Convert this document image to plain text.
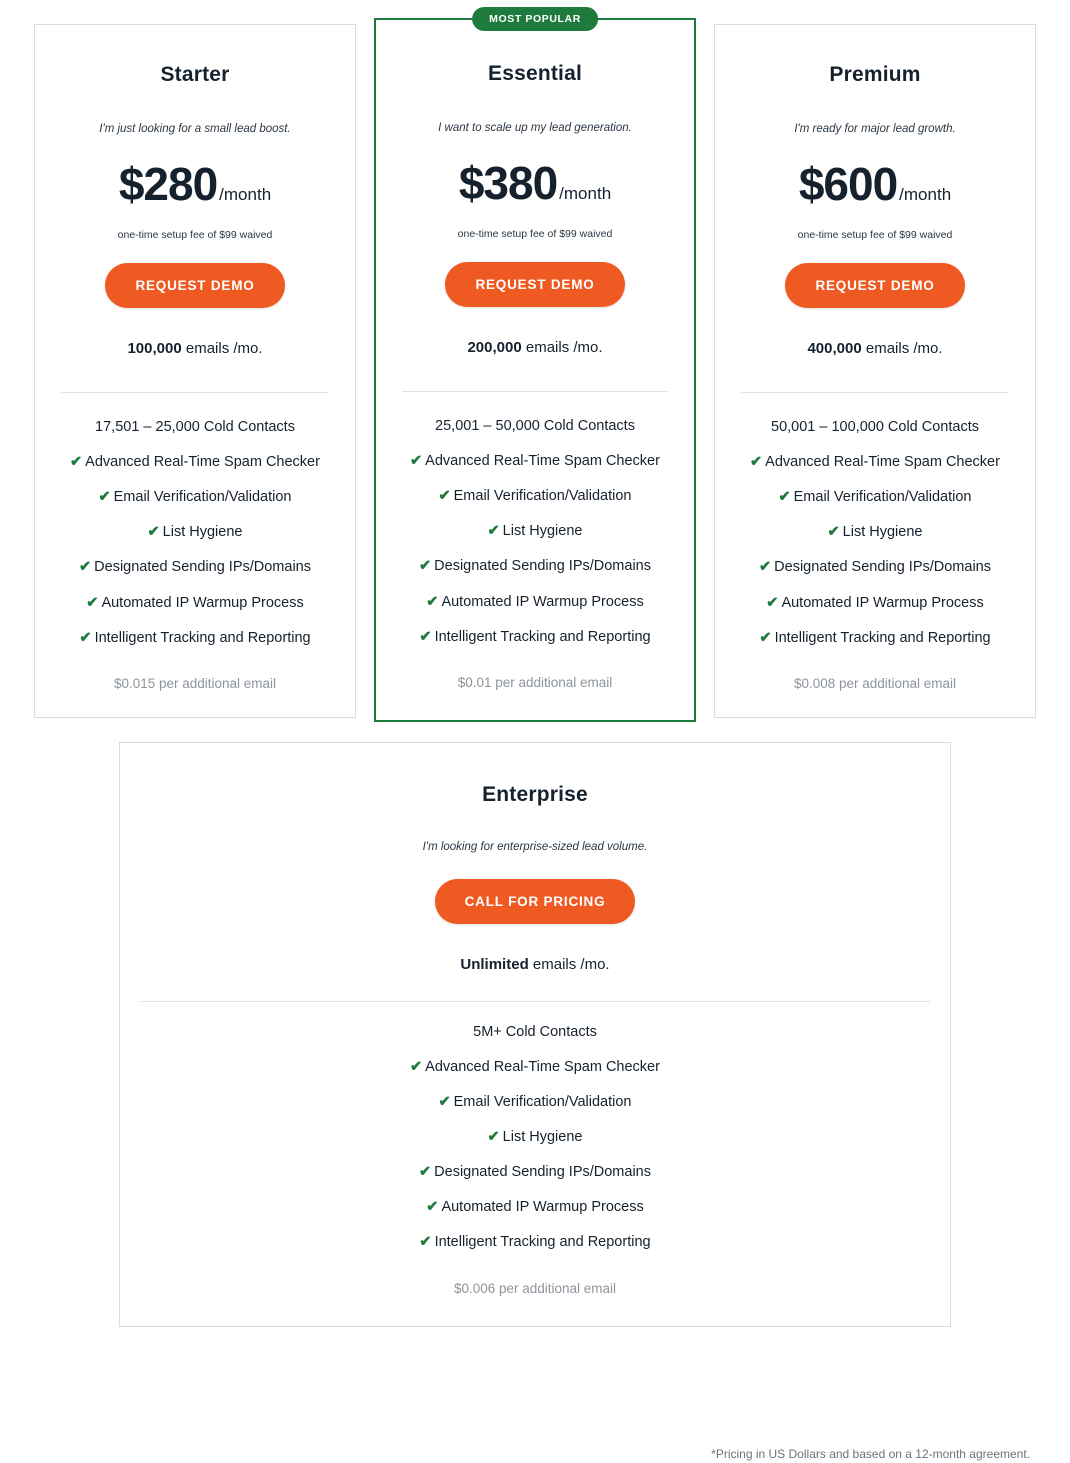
Starter
I'm just looking for a small lead boost.
$280 /month
one-time setup fee of $99 waived
REQUEST DEMO
100,000 emails /mo.
17,501 – 25,000 Cold Contacts
✔ Advanced Real-Time Spam Checker
✔ Email Verification/Validation
✔ List Hygiene
✔ Designated Sending IPs/Domains
✔ Automated IP Warmup Process
✔ Intelligent Tracking and Reporting
$0.015 per additional email
MOST POPULAR
Essential
I want to scale up my lead generation.
$380 /month
one-time setup fee of $99 waived
REQUEST DEMO
200,000 emails /mo.
25,001 – 50,000 Cold Contacts
✔ Advanced Real-Time Spam Checker
✔ Email Verification/Validation
✔ List Hygiene
✔ Designated Sending IPs/Domains
✔ Automated IP Warmup Process
✔ Intelligent Tracking and Reporting
$0.01 per additional email
Premium
I'm ready for major lead growth.
$600 /month
one-time setup fee of $99 waived
REQUEST DEMO
400,000 emails /mo.
50,001 – 100,000 Cold Contacts
✔ Advanced Real-Time Spam Checker
✔ Email Verification/Validation
✔ List Hygiene
✔ Designated Sending IPs/Domains
✔ Automated IP Warmup Process
✔ Intelligent Tracking and Reporting
$0.008 per additional email
Enterprise
I'm looking for enterprise-sized lead volume.
CALL FOR PRICING
Unlimited emails /mo.
5M+ Cold Contacts
✔ Advanced Real-Time Spam Checker
✔ Email Verification/Validation
✔ List Hygiene
✔ Designated Sending IPs/Domains
✔ Automated IP Warmup Process
✔ Intelligent Tracking and Reporting
$0.006 per additional email
*Pricing in US Dollars and based on a 12-month agreement.
